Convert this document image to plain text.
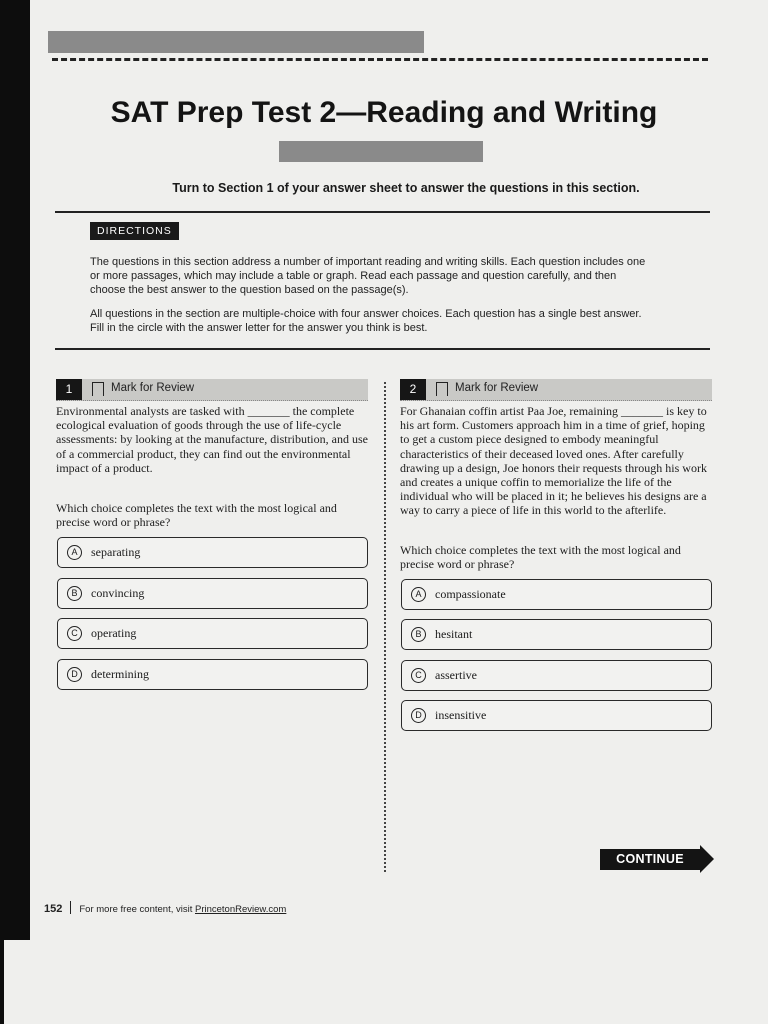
SAT Prep Test 2—Reading and Writing
Turn to Section 1 of your answer sheet to answer the questions in this section.
DIRECTIONS

The questions in this section address a number of important reading and writing skills. Each question includes one or more passages, which may include a table or graph. Read each passage and question carefully, and then choose the best answer to the question based on the passage(s).

All questions in the section are multiple-choice with four answer choices. Each question has a single best answer. Fill in the circle with the answer letter for the answer you think is best.

1	Mark for Review

Environmental analysts are tasked with _______ the complete ecological evaluation of goods through the use of life-cycle assessments: by looking at the manufacture, distribution, and use of a commercial product, they can find out the environmental impact of a product.

Which choice completes the text with the most logical and precise word or phrase?

A	separating
B	convincing
C	operating
D	determining
2	Mark for Review

For Ghanaian coffin artist Paa Joe, remaining _______ is key to his art form. Customers approach him in a time of grief, hoping to get a custom piece designed to embody meaningful characteristics of their deceased loved ones. After carefully drawing up a design, Joe honors their requests through his work and creates a unique coffin to memorialize the life of the individual who will be placed in it; he believes his designs are a way to carry a piece of life in this world to the afterlife.

Which choice completes the text with the most logical and precise word or phrase?

A	compassionate
B	hesitant
C	assertive
D	insensitive
CONTINUE
152 For more free content, visit PrincetonReview.com
